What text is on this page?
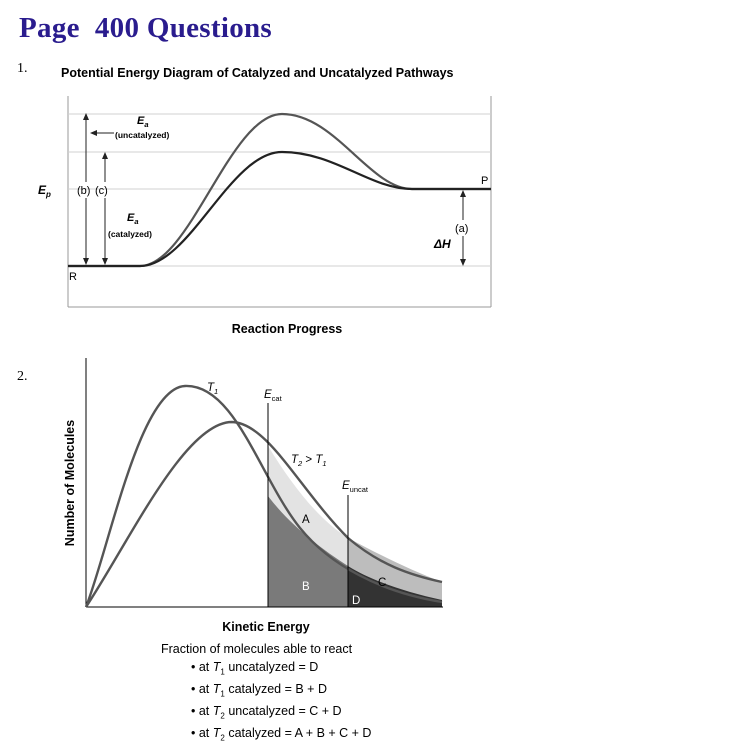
Page  400 Questions
1.	Potential Energy Diagram of Catalyzed and Uncatalyzed Pathways
$E_p$ (b) (c)
$E_a$
(uncatalyzed)
$E_a$
(catalyzed)	(a)
ΔH
R
P
Reaction Progress
$T_1$	$E_{cat}$
$T_2 > T_1$
$E_{uncat}$
A
B	C
D
Kinetic Energy
Number of Molecules
2.
Fraction of molecules able to react
• at $T_1$ uncatalyzed = D
• at $T_1$ catalyzed = B + D
• at $T_2$ uncatalyzed = C + D
• at $T_2$ catalyzed = A + B + C + D
